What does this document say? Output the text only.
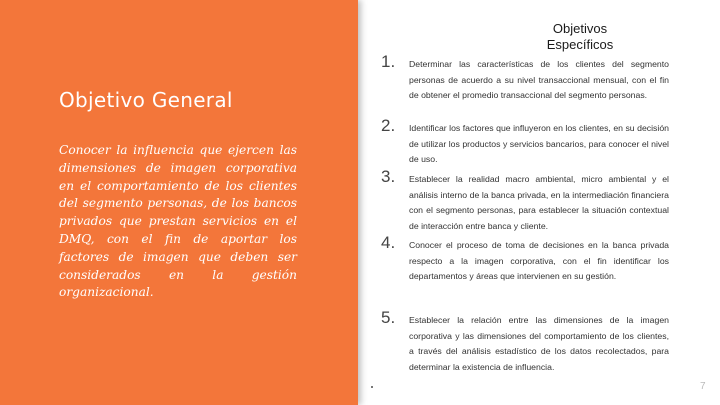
Objetivo General
Conocer la influencia que ejercen las dimensiones de imagen corporativa en el comportamiento de los clientes del segmento personas, de los bancos privados que prestan servicios en el DMQ, con el fin de aportar los factores de imagen que deben ser considerados en la gestión organizacional.
Objetivos Específicos
1.	Determinar las características de los clientes del segmento personas de acuerdo a su nivel transaccional mensual, con el fin de obtener el promedio transaccional del segmento personas.
2.	Identificar los factores que influyeron en los clientes, en su decisión de utilizar los productos y servicios bancarios, para conocer el nivel de uso.
3.	Establecer la realidad macro ambiental, micro ambiental y el análisis interno de la banca privada, en la intermediación financiera con el segmento personas, para establecer la situación contextual de interacción entre banca y cliente.
4.	Conocer el proceso de toma de decisiones en la banca privada respecto a la imagen corporativa, con el fin identificar los departamentos y áreas que intervienen en su gestión.
5.	Establecer la relación entre las dimensiones de la imagen corporativa y las dimensiones del comportamiento de los clientes, a través del análisis estadístico de los datos recolectados, para determinar la existencia de influencia.
7
